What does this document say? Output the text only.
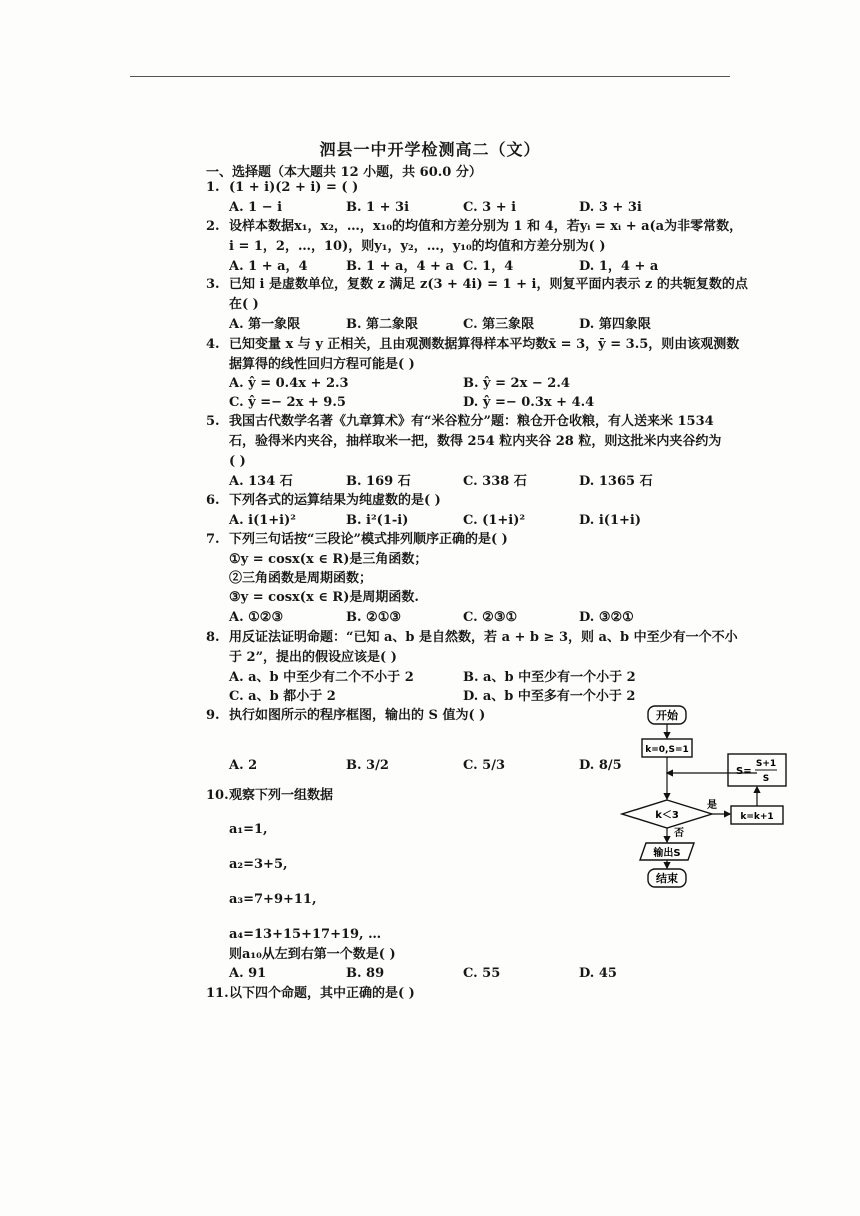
泗县一中开学检测高二（文）
一、选择题（本大题共 12 小题，共 60.0 分）
1. (1 + i)(2 + i) = ( )
A. 1 − i	B. 1 + 3i	C. 3 + i	D. 3 + 3i
2. 设样本数据x₁，x₂，…，x₁₀的均值和方差分别为 1 和 4，若yᵢ = xᵢ + a(a为非零常数，
i = 1，2，…，10)，则y₁，y₂，…，y₁₀的均值和方差分别为( )
A. 1 + a，4	B. 1 + a，4 + a C. 1，4	D. 1，4 + a
3. 已知 i 是虚数单位，复数 z 满足 z(3 + 4i) = 1 + i，则复平面内表示 z 的共轭复数的点
在( )
A. 第一象限	B. 第二象限	C. 第三象限	D. 第四象限
4. 已知变量 x 与 y 正相关，且由观测数据算得样本平均数x̄ = 3，ȳ = 3.5，则由该观测数
据算得的线性回归方程可能是( )
A. ŷ = 0.4x + 2.3	B. ŷ = 2x − 2.4
C. ŷ =− 2x + 9.5	D. ŷ =− 0.3x + 4.4
5. 我国古代数学名著《九章算术》有“米谷粒分”题：粮仓开仓收粮，有人送来米 1534
石，验得米内夹谷，抽样取米一把，数得 254 粒内夹谷 28 粒，则这批米内夹谷约为
( )
A. 134 石	B. 169 石	C. 338 石	D. 1365 石
6. 下列各式的运算结果为纯虚数的是( )
A. i(1+i)²	B. i²(1-i)	C. (1+i)²	D. i(1+i)
7. 下列三句话按“三段论”模式排列顺序正确的是( )
①y = cosx(x ∈ R)是三角函数；
②三角函数是周期函数；
③y = cosx(x ∈ R)是周期函数.
A. ①②③	B. ②①③	C. ②③①	D. ③②①
8. 用反证法证明命题：“已知 a、b 是自然数，若 a + b ≥ 3，则 a、b 中至少有一个不小
于 2”，提出的假设应该是( )
A. a、b 中至少有二个不小于 2	B. a、b 中至少有一个小于 2
C. a、b 都小于 2	D. a、b 中至多有一个小于 2
9. 执行如图所示的程序框图，输出的 S 值为( )
A. 2	B. 3/2	C. 5/3	D. 8/5
10. 观察下列一组数据
a₁=1,
a₂=3+5,
a₃=7+9+11,
a₄=13+15+17+19, …
则a₁₀从左到右第一个数是( )
A. 91	B. 89	C. 55	D. 45
11. 以下四个命题，其中正确的是( )
开始
k=0,S=1
k＜3
是
k=k+1
S=
S+1
S
否
输出S
结束
